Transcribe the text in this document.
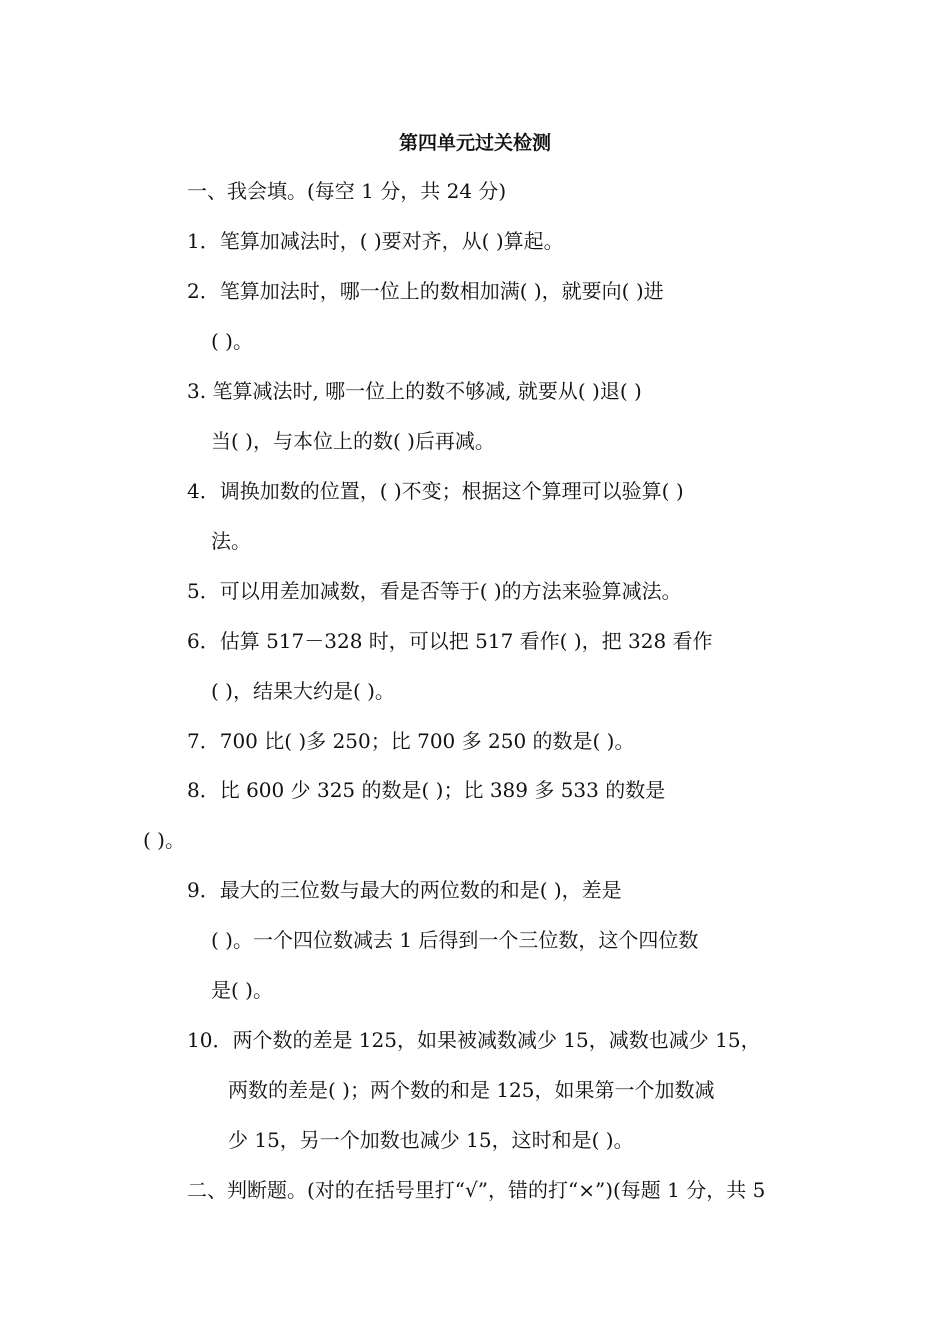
第四单元过关检测
一、我会填。(每空 1 分，共 24 分)
1．笔算加减法时，( )要对齐，从( )算起。
2．笔算加法时，哪一位上的数相加满( )，就要向( )进
( )。
3. 笔算减法时, 哪一位上的数不够减, 就要从( )退( )
当( )，与本位上的数( )后再减。
4．调换加数的位置，( )不变；根据这个算理可以验算( )
法。
5．可以用差加减数，看是否等于( )的方法来验算减法。
6．估算 517－328 时，可以把 517 看作( )，把 328 看作
( )，结果大约是( )。
7．700 比( )多 250；比 700 多 250 的数是( )。
8．比 600 少 325 的数是( )；比 389 多 533 的数是
( )。
9．最大的三位数与最大的两位数的和是( )，差是
( )。一个四位数减去 1 后得到一个三位数，这个四位数
是( )。
10．两个数的差是 125，如果被减数减少 15，减数也减少 15，
两数的差是( )；两个数的和是 125，如果第一个加数减
少 15，另一个加数也减少 15，这时和是( )。
二、判断题。(对的在括号里打“√”，错的打“×”)(每题 1 分，共 5
